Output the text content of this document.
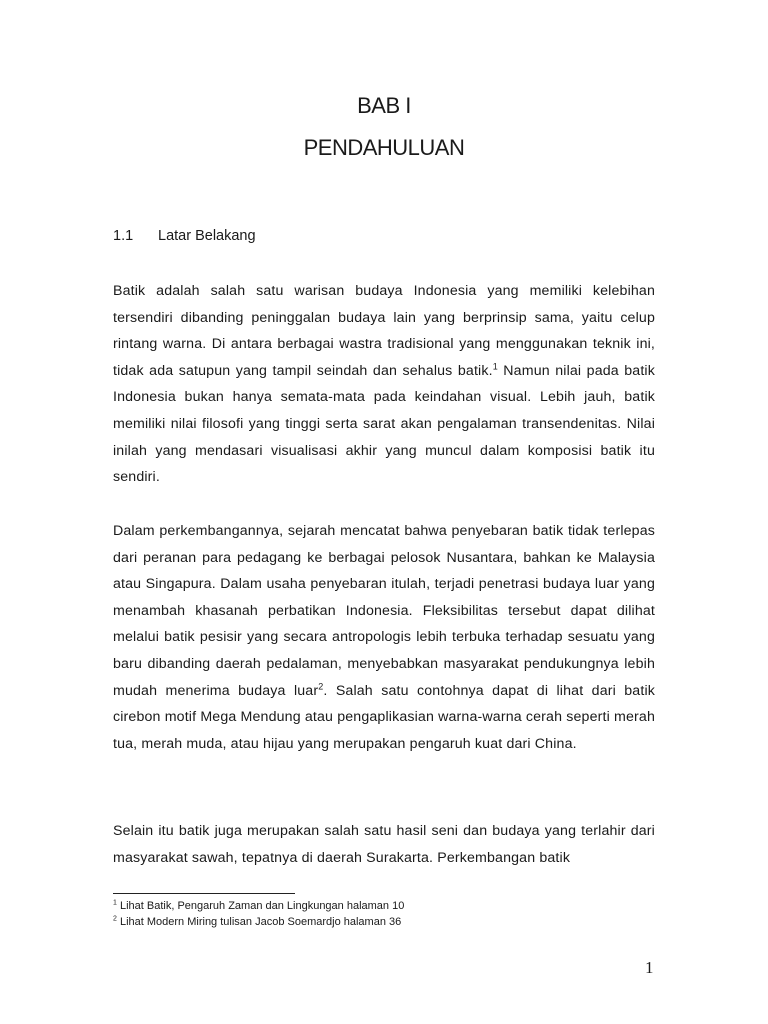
BAB I
PENDAHULUAN
1.1 Latar Belakang

Batik adalah salah satu warisan budaya Indonesia yang memiliki kelebihan tersendiri dibanding peninggalan budaya lain yang berprinsip sama, yaitu celup rintang warna. Di antara berbagai wastra tradisional yang menggunakan teknik ini, tidak ada satupun yang tampil seindah dan sehalus batik.$^1$ Namun nilai pada batik Indonesia bukan hanya semata-mata pada keindahan visual. Lebih jauh, batik memiliki nilai filosofi yang tinggi serta sarat akan pengalaman transendenitas. Nilai inilah yang mendasari visualisasi akhir yang muncul dalam komposisi batik itu sendiri.

Dalam perkembangannya, sejarah mencatat bahwa penyebaran batik tidak terlepas dari peranan para pedagang ke berbagai pelosok Nusantara, bahkan ke Malaysia atau Singapura. Dalam usaha penyebaran itulah, terjadi penetrasi budaya luar yang menambah khasanah perbatikan Indonesia. Fleksibilitas tersebut dapat dilihat melalui batik pesisir yang secara antropologis lebih terbuka terhadap sesuatu yang baru dibanding daerah pedalaman, menyebabkan masyarakat pendukungnya lebih mudah menerima budaya luar$^2$. Salah satu contohnya dapat di lihat dari batik cirebon motif Mega Mendung atau pengaplikasian warna-warna cerah seperti merah tua, merah muda, atau hijau yang merupakan pengaruh kuat dari China.

Selain itu batik juga merupakan salah satu hasil seni dan budaya yang terlahir dari masyarakat sawah, tepatnya di daerah Surakarta. Perkembangan batik

$^1$ Lihat Batik, Pengaruh Zaman dan Lingkungan halaman 10
$^2$ Lihat Modern Miring tulisan Jacob Soemardjo halaman 36
1
